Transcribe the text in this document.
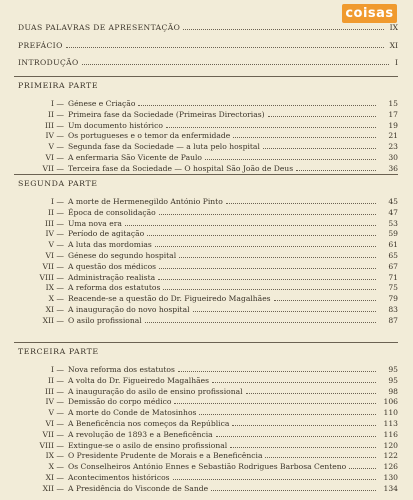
coisas
DUAS PALAVRAS DE APRESENTAÇÃO	IX
PREFÁCIO	XI
INTRODUÇÃO	I
PRIMEIRA PARTE
I — Génese e Criação	15
II — Primeira fase da Sociedade (Primeiras Directorias)	17
III — Um documento histórico	19
IV — Os portugueses e o temor da enfermidade	21
V — Segunda fase da Sociedade — a luta pelo hospital	23
VI — A enfermaria São Vicente de Paulo	30
VII — Terceira fase da Sociedade — O hospital São João de Deus	36
SEGUNDA PARTE
I — A morte de Hermenegildo António Pinto	45
II — Época de consolidação	47
III — Uma nova era	53
IV — Período de agitação	59
V — A luta das mordomias	61
VI — Génese do segundo hospital	65
VII — A questão dos médicos	67
VIII — Administração realista	71
IX — A reforma dos estatutos	75
X — Reacende-se a questão do Dr. Figueiredo Magalhães	79
XI — A inauguração do novo hospital	83
XII — O asilo profissional	87
TERCEIRA PARTE
I — Nova reforma dos estatutos	95
II — A volta do Dr. Figueiredo Magalhães	95
III — A inauguração do asilo de ensino profissional	98
IV — Demissão do corpo médico	106
V — A morte do Conde de Matosinhos	110
VI — A Beneficência nos começos da República	113
VII — A revolução de 1893 e a Beneficência	116
VIII — Extingue-se o asilo de ensino profissional	120
IX — O Presidente Prudente de Morais e a Beneficência	122
X — Os Conselheiros António Ennes e Sebastião Rodrigues Barbosa Centeno	126
XI — Acontecimentos históricos	130
XII — A Presidência do Visconde de Sande	134
